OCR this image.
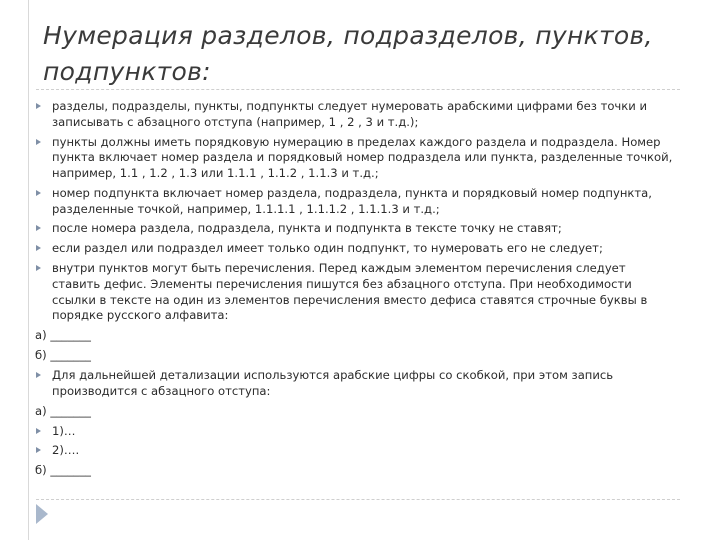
Нумерация разделов, подразделов, пунктов, подпунктов:
разделы, подразделы, пункты, подпункты следует нумеровать арабскими цифрами без точки и записывать с абзацного отступа (например, 1 , 2 , 3 и т.д.);
пункты должны иметь порядковую нумерацию в пределах каждого раздела и подраздела. Номер пункта включает номер раздела и порядковый номер подраздела или пункта, разделенные точкой, например, 1.1 , 1.2 , 1.3 или 1.1.1 , 1.1.2 , 1.1.3 и т.д.;
номер подпункта включает номер раздела, подраздела, пункта и порядковый номер подпункта, разделенные точкой, например, 1.1.1.1 , 1.1.1.2 , 1.1.1.3 и т.д.;
после номера раздела, подраздела, пункта и подпункта в тексте точку не ставят;
если раздел или подраздел имеет только один подпункт, то нумеровать его не следует;
внутри пунктов могут быть перечисления. Перед каждым элементом перечисления следует ставить дефис. Элементы перечисления пишутся без абзацного отступа. При необходимости ссылки в тексте на один из элементов перечисления вместо дефиса ставятся строчные буквы в порядке русского алфавита:
а) _______
б) _______
Для дальнейшей детализации используются арабские цифры со скобкой, при этом запись производится с абзацного отступа:
а) _______
1)…
2)….
б) _______
